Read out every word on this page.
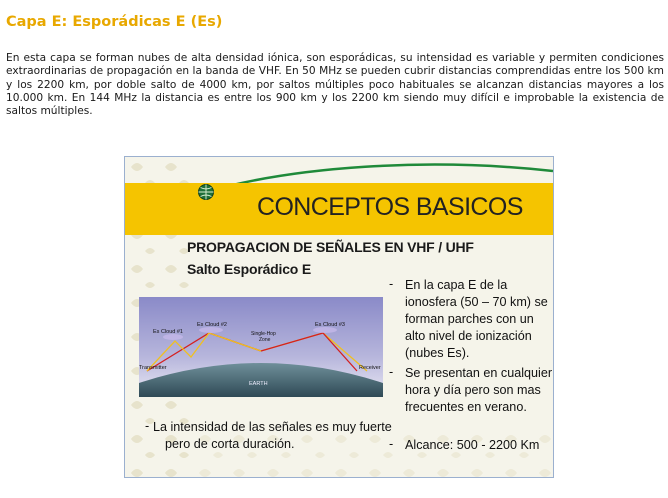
Capa E: Esporádicas E (Es)

En esta capa se forman nubes de alta densidad iónica, son esporádicas, su intensidad es variable y permiten condiciones extraordinarias de propagación en la banda de VHF. En 50 MHz se pueden cubrir distancias comprendidas entre los 500 km y los 2200 km, por doble salto de 4000 km, por saltos múltiples poco habituales se alcanzan distancias mayores a los 10.000 km. En 144 MHz la distancia es entre los 900 km y los 2200 km siendo muy difícil e improbable la existencia de saltos múltiples.

CONCEPTOS BASICOS
PROPAGACION DE SEÑALES EN VHF / UHF
Salto Esporádico E
Es Cloud #1
Es Cloud #2	Es Cloud #3
Single-Hop
Zone
Transmitter	Receiver
EARTH
- En la capa E de la
ionosfera (50 – 70 km) se
forman parches con un
alto nivel de ionización
(nubes Es).
- Se presentan en cualquier
hora y día pero son mas
frecuentes en verano.
- Alcance: 500 - 2200 Km
- La intensidad de las señales es muy fuerte
pero de corta duración.
